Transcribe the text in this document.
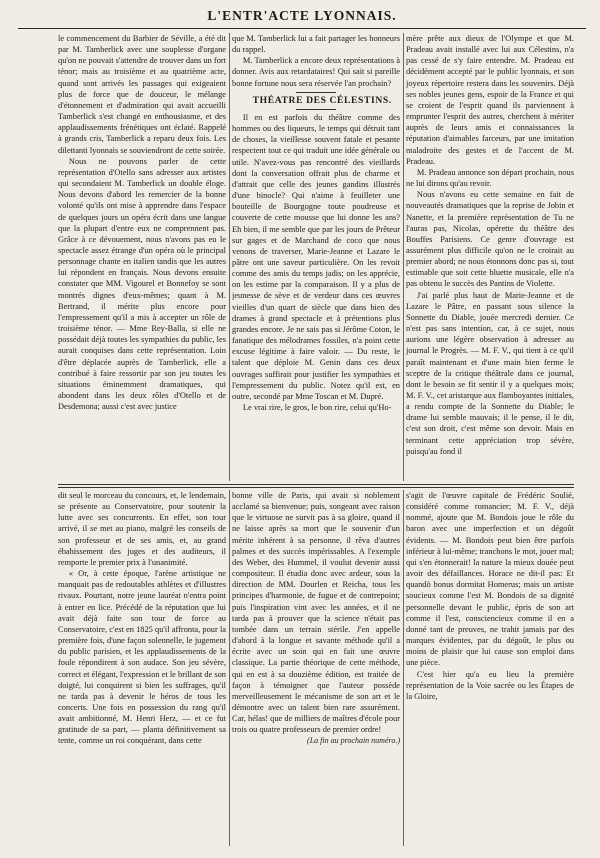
L'ENTR'ACTE LYONNAIS.

le commencement du Barbier de Séville, a été dit par M. Tamberlick avec une souplesse d'organe qu'on ne pouvait s'attendre de trouver dans un fort ténor; mais au troisième et au quatrième acte, quand sont arrivés les passages qui exigeaient plus de force que de douceur, le mélange d'étonnement et d'admiration qui avait accueilli Tamberlick s'est changé en enthousiasme, et des applaudissements frénétiques ont éclaté. Rappelé à grands cris, Tamberlick a reparu deux fois. Les dilettanti lyonnais se souviendront de cette soirée.

Nous ne pouvons parler de cette représentation d'Otello sans adresser aux artistes qui secondaient M. Tamberlick un double éloge. Nous devons d'abord les remercier de la bonne volonté qu'ils ont mise à apprendre dans l'espace de quelques jours un opéra écrit dans une langue que la plupart d'entre eux ne comprennent pas. Grâce à ce dévouement, nous n'avons pas eu le spectacle assez étrange d'un opéra où le principal personnage chante en italien tandis que les autres lui répondent en français. Nous devons ensuite constater que MM. Vigourel et Bonnefoy se sont montrés dignes d'eux-mêmes; quant à M. Bertrand, il mérite plus encore pour l'empressement qu'il a mis à accepter un rôle de troisième ténor. — Mme Rey-Balla, si elle ne possédait déjà toutes les sympathies du public, les aurait conquises dans cette représentation. Loin d'être déplacée auprès de Tamberlick, elle a contribué à faire ressortir par son jeu toutes les situations éminemment dramatiques, qui abondent dans les deux rôles d'Otello et de Desdemona; aussi c'est avec justice

que M. Tamberlick lui a fait partager les honneurs du rappel.

M. Tamberlick a encore deux représentations à donner. Avis aux retardataires! Qui sait si pareille bonne fortune nous sera réservée l'an prochain?

THÉATRE DES CÉLESTINS.

Il en est parfois du théâtre comme des hommes ou des liqueurs, le temps qui détruit tant de choses, la vieillesse souvent fatale et pesante respectent tout ce qui traduit une idée générale ou utile. N'avez-vous pas rencontré des vieillards dont la conversation offrait plus de charme et d'attrait que celle des jeunes gandins illustrés d'une binocle? Qui n'aime à feuilleter une bouteille de Bourgogne toute poudreuse et couverte de cette mousse que lui donne les ans? Eh bien, il me semble que par les jours de Prêteur sur gages et de Marchand de coco que nous venons de traverser, Marie-Jeanne et Lazare le pâtre ont une saveur particulière. On les revoit comme des amis du temps jadis; on les apprécie, on les estime par la comparaison. Il y a plus de jeunesse de sève et de verdeur dans ces œuvres vieilles d'un quart de siècle que dans bien des drames à grand spectacle et à prétentions plus grandes encore. Je ne sais pas si Jérôme Coton, le fanatique des mélodrames fossiles, n'a point cette excuse légitime à faire valoir. — Du reste, le talent que déploie M. Genin dans ces deux ouvrages suffirait pour justifier les sympathies et l'empressement du public. Notez qu'il est, en outre, secondé par Mme Toscan et M. Dupré.

Le vrai rire, le gros, le bon rire, celui qu'Ho-

mère prête aux dieux de l'Olympe et que M. Pradeau avait installé avec lui aux Célestins, n'a pas cessé de s'y faire entendre. M. Pradeau est décidément accepté par le public lyonnais, et son joyeux répertoire restera dans les souvenirs. Déjà ses nobles jeunes gens, espoir de la France et qui se croient de l'esprit quand ils parviennent à emprunter l'esprit des autres, cherchent à mériter auprès de leurs amis et connaissances la réputation d'aimables farceurs, par une imitation maladroite des gestes et de l'accent de M. Pradeau.

M. Pradeau annonce son départ prochain, nous ne lui dirons qu'au revoir.

Nous n'avons eu cette semaine en fait de nouveautés dramatiques que la reprise de Jobin et Nanette, et la première représentation de Tu ne l'auras pas, Nicolas, opérette du théâtre des Bouffes Parisiens. Ce genre d'ouvrage est assurément plus difficile qu'on ne le croirait au premier abord; ne nous étonnons donc pas si, tout estimable que soit cette bluette musicale, elle n'a pas obtenu le succès des Pantins de Violette.

J'ai parlé plus haut de Marie-Jeanne et de Lazare le Pâtre, en passant sous silence la Sonnette du Diable, jouée mercredi dernier. Ce n'est pas sans intention, car, à ce sujet, nous aurions une légère observation à adresser au journal le Progrès. — M. F. V., qui tient à ce qu'il paraît maintenant et d'une main bien ferme le sceptre de la critique théâtrale dans ce journal, dont le besoin se fit sentir il y a quelques mois; M. F. V., cet aristarque aux flamboyantes initiales, a rendu compte de la Sonnette du Diable; le drame lui semble mauvais; il le pense, il le dit, c'est son droit, c'est même son devoir. Mais en terminant cette appréciation trop sévère, puisqu'au fond il

dit seul le morceau du concours, et, le lendemain, se présente au Conservatoire, pour soutenir la lutte avec ses concurrents. En effet, son tour arrivé, il se met au piano, malgré les conseils de son professeur et de ses amis, et, au grand ébahissement des juges et des auditeurs, il remporte le premier prix à l'unanimité.

« Or, à cette époque, l'arène artistique ne manquait pas de redoutables athlètes et d'illustres rivaux. Pourtant, notre jeune lauréat n'entra point à entrer en lice. Précédé de la réputation que lui avait déjà faite son tour de force au Conservatoire, c'est en 1825 qu'il affronta, pour la première fois, d'une façon solennelle, le jugement du public parisien, et les applaudissements de la foule répondirent à son audace. Son jeu sévère, correct et élégant, l'expression et le brillant de son doigté, lui conquirent si bien les suffrages, qu'il ne tarda pas à devenir le héros de tous les concerts. Une fois en possession du rang qu'il avait ambitionné, M. Henri Herz, — et ce fut gratitude de sa part, — planta définitivement sa tente, comme un roi conquérant, dans cette

bonne ville de Paris, qui avait si noblement acclamé sa bienvenue; puis, songeant avec raison que le virtuose ne survit pas à sa gloire, quand il ne laisse après sa mort que le souvenir d'un mérite inhérent à sa personne, il rêva d'autres palmes et des succès impérissables. A l'exemple des Weber, des Hummel, il voulut devenir aussi compositeur. Il étudia donc avec ardeur, sous la direction de MM. Dourlen et Reicha, tous les principes d'harmonie, de fugue et de contrepoint; puis l'inspiration vint avec les années, et il ne tarda pas à prouver que la science n'était pas tombée dans un terrain stérile. J'en appelle d'abord à la longue et savante méthode qu'il a écrite avec un soin qui en fait une œuvre classique. La partie théorique de cette méthode, qui en est à sa douzième édition, est traitée de façon à témoigner que l'auteur possède merveilleusement le mécanisme de son art et le démontre avec un talent bien rare assurément. Car, hélas! que de milliers de maîtres d'école pour trois ou quatre professeurs de premier ordre!

(La fin au prochain numéro.)

s'agit de l'œuvre capitale de Frédéric Soulié, considéré comme romancier; M. F. V., déjà nommé, ajoute que M. Bondois joue le rôle du baron avec une imperfection et un dégoût évidents. — M. Bondois peut bien être parfois inférieur à lui-même; tranchons le mot, jouer mal; qui s'en étonnerait! la nature la mieux douée peut avoir des défaillances. Horace ne dit-il pas: Et quandò bonus dormitat Homerus; mais un artiste soucieux comme l'est M. Bondois de sa dignité personnelle devant le public, épris de son art comme il l'est, consciencieux comme il en a donné tant de preuves, ne trahit jamais par des marques évidentes, par du dégoût, le plus ou moins de plaisir que lui cause son emploi dans une pièce.

C'est hier qu'a eu lieu la première représentation de la Voie sacrée ou les Étapes de la Gloire,
